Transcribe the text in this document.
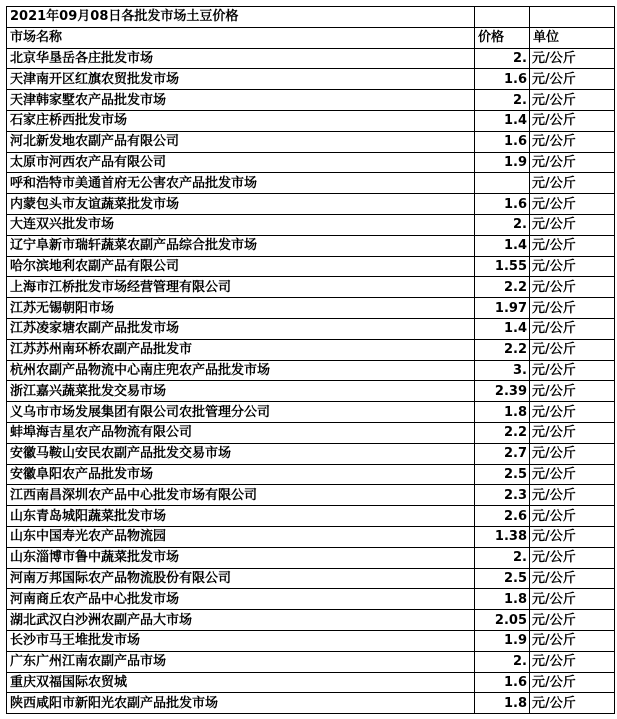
2021年09月08日各批发市场土豆价格		
市场名称	价格	单位
北京华垦岳各庄批发市场	2.	元/公斤
天津南开区红旗农贸批发市场	1.6	元/公斤
天津韩家墅农产品批发市场	2.	元/公斤
石家庄桥西批发市场	1.4	元/公斤
河北新发地农副产品有限公司	1.6	元/公斤
太原市河西农产品有限公司	1.9	元/公斤
呼和浩特市美通首府无公害农产品批发市场		元/公斤
内蒙包头市友谊蔬菜批发市场	1.6	元/公斤
大连双兴批发市场	2.	元/公斤
辽宁阜新市瑞轩蔬菜农副产品综合批发市场	1.4	元/公斤
哈尔滨地利农副产品有限公司	1.55	元/公斤
上海市江桥批发市场经营管理有限公司	2.2	元/公斤
江苏无锡朝阳市场	1.97	元/公斤
江苏凌家塘农副产品批发市场	1.4	元/公斤
江苏苏州南环桥农副产品批发市	2.2	元/公斤
杭州农副产品物流中心南庄兜农产品批发市场	3.	元/公斤
浙江嘉兴蔬菜批发交易市场	2.39	元/公斤
义乌市市场发展集团有限公司农批管理分公司	1.8	元/公斤
蚌埠海吉星农产品物流有限公司	2.2	元/公斤
安徽马鞍山安民农副产品批发交易市场	2.7	元/公斤
安徽阜阳农产品批发市场	2.5	元/公斤
江西南昌深圳农产品中心批发市场有限公司	2.3	元/公斤
山东青岛城阳蔬菜批发市场	2.6	元/公斤
山东中国寿光农产品物流园	1.38	元/公斤
山东淄博市鲁中蔬菜批发市场	2.	元/公斤
河南万邦国际农产品物流股份有限公司	2.5	元/公斤
河南商丘农产品中心批发市场	1.8	元/公斤
湖北武汉白沙洲农副产品大市场	2.05	元/公斤
长沙市马王堆批发市场	1.9	元/公斤
广东广州江南农副产品市场	2.	元/公斤
重庆双福国际农贸城	1.6	元/公斤
陕西咸阳市新阳光农副产品批发市场	1.8	元/公斤
